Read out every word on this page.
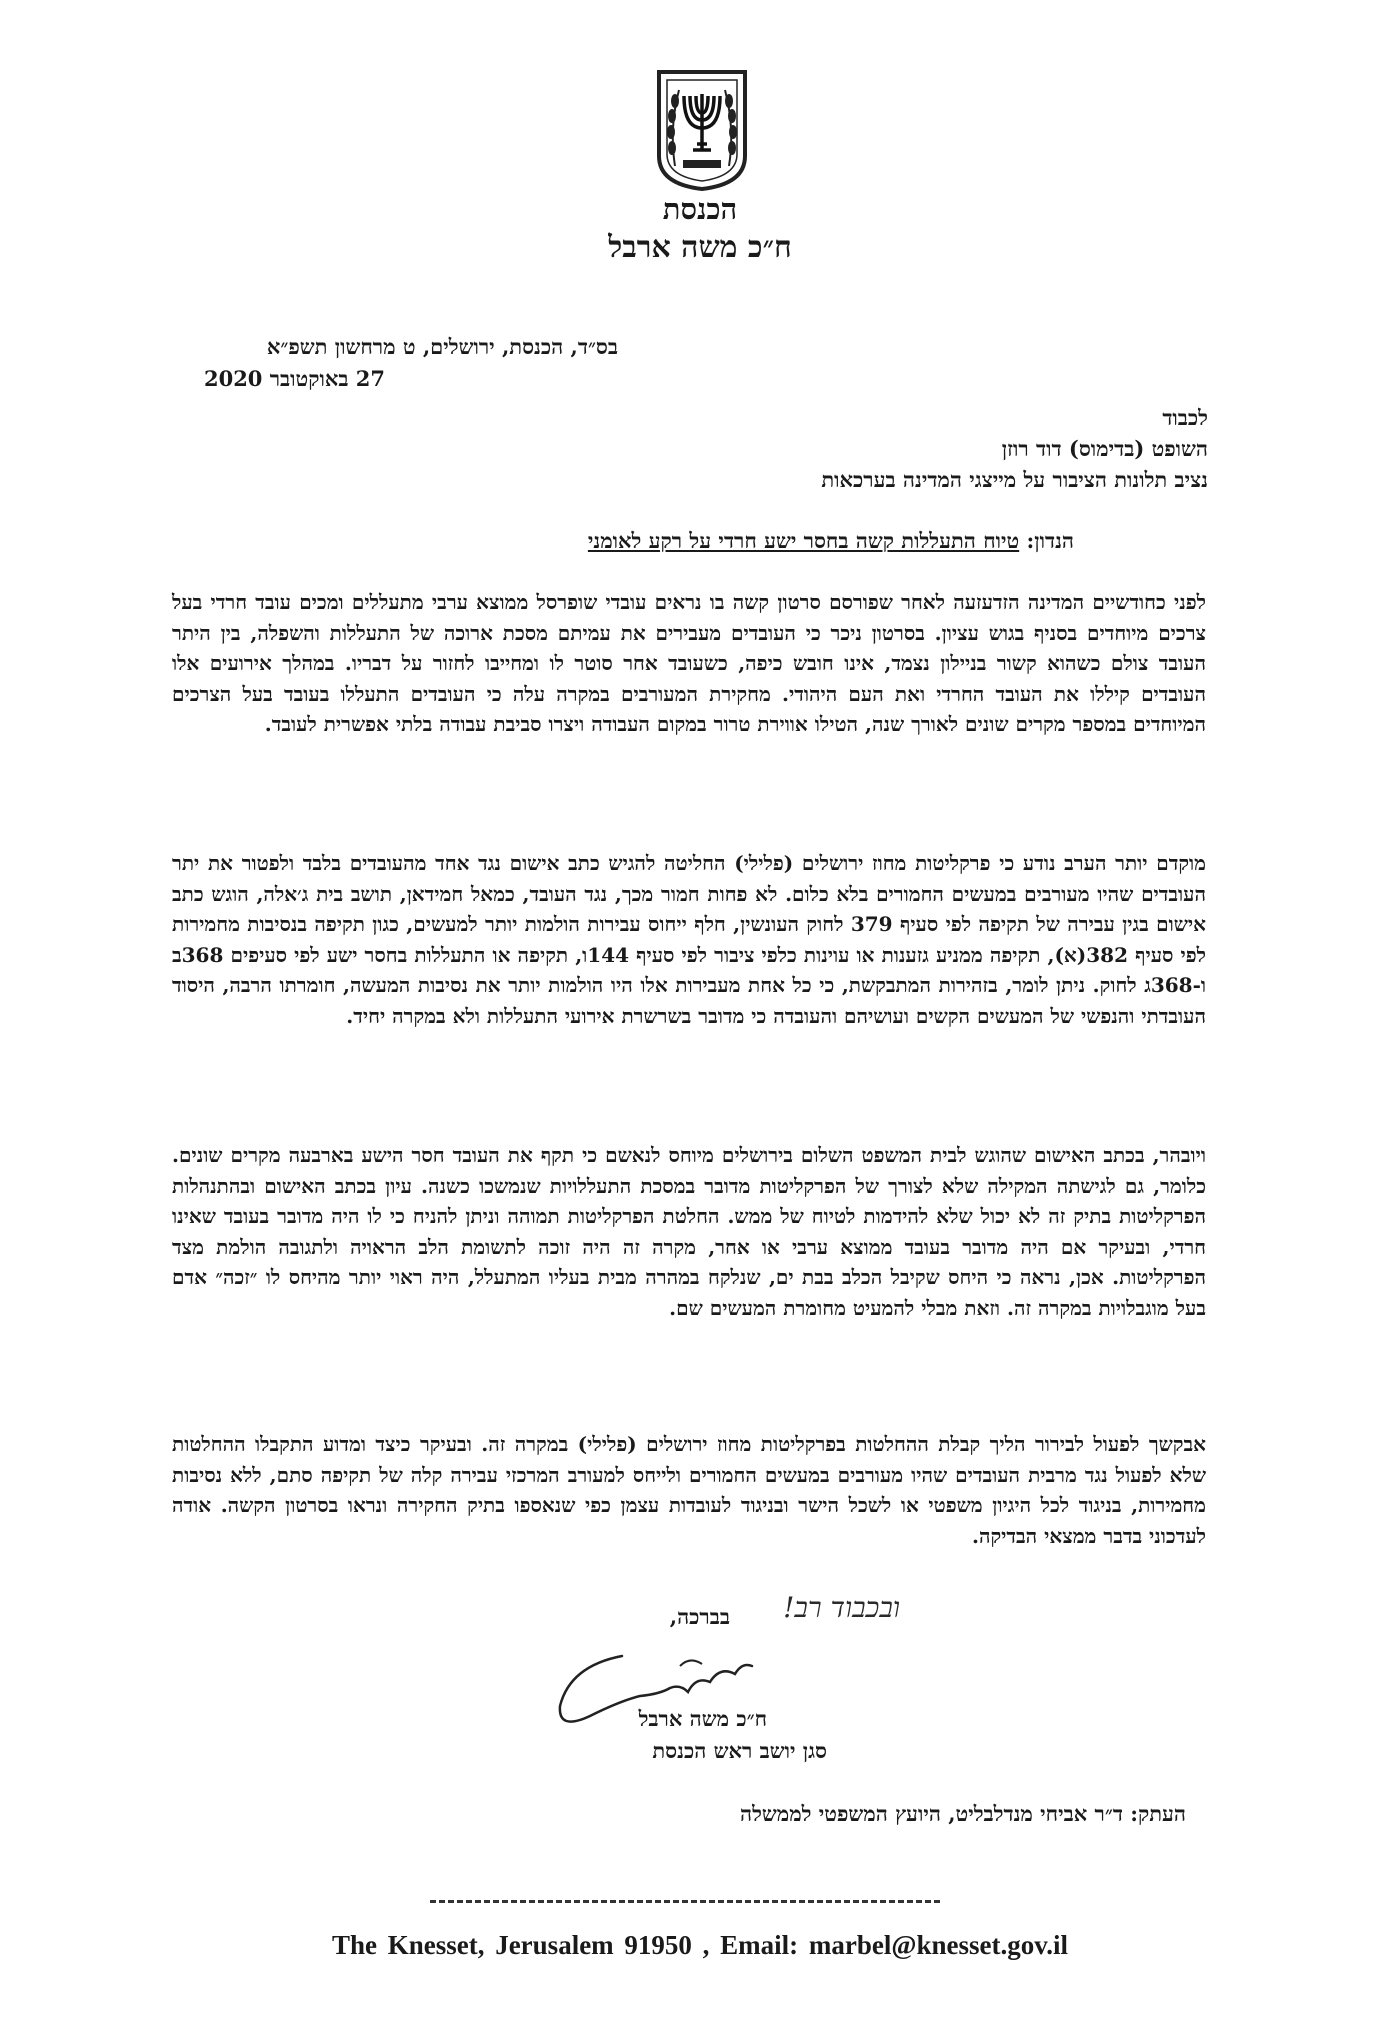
הכנסת
ח״כ משה ארבל
בס״ד, הכנסת, ירושלים, ט מרחשון תשפ״א
27 באוקטובר 2020
לכבוד
השופט (בדימוס) דוד רוזן
נציב תלונות הציבור על מייצגי המדינה בערכאות
הנדון: טיוח התעללות קשה בחסר ישע חרדי על רקע לאומני
לפני כחודשיים המדינה הזדעזעה לאחר שפורסם סרטון קשה בו נראים עובדי שופרסל ממוצא ערבי מתעללים ומכים עובד חרדי בעל צרכים מיוחדים בסניף בגוש עציון. בסרטון ניכר כי העובדים מעבירים את עמיתם מסכת ארוכה של התעללות והשפלה, בין היתר העובד צולם כשהוא קשור בניילון נצמד, אינו חובש כיפה, כשעובד אחר סוטר לו ומחייבו לחזור על דבריו. במהלך אירועים אלו העובדים קיללו את העובד החרדי ואת העם היהודי. מחקירת המעורבים במקרה עלה כי העובדים התעללו בעובד בעל הצרכים המיוחדים במספר מקרים שונים לאורך שנה, הטילו אווירת טרור במקום העבודה ויצרו סביבת עבודה בלתי אפשרית לעובד.
מוקדם יותר הערב נודע כי פרקליטות מחוז ירושלים (פלילי) החליטה להגיש כתב אישום נגד אחד מהעובדים בלבד ולפטור את יתר העובדים שהיו מעורבים במעשים החמורים בלא כלום. לא פחות חמור מכך, נגד העובד, כמאל חמידאן, תושב בית ג׳אלה, הוגש כתב אישום בגין עבירה של תקיפה לפי סעיף 379 לחוק העונשין, חלף ייחוס עבירות הולמות יותר למעשים, כגון תקיפה בנסיבות מחמירות לפי סעיף 382(א), תקיפה ממניע גזענות או עוינות כלפי ציבור לפי סעיף 144ו, תקיפה או התעללות בחסר ישע לפי סעיפים 368ב ו-368ג לחוק. ניתן לומר, בזהירות המתבקשת, כי כל אחת מעבירות אלו היו הולמות יותר את נסיבות המעשה, חומרתו הרבה, היסוד העובדתי והנפשי של המעשים הקשים ועושיהם והעובדה כי מדובר בשרשרת אירועי התעללות ולא במקרה יחיד.
ויובהר, בכתב האישום שהוגש לבית המשפט השלום בירושלים מיוחס לנאשם כי תקף את העובד חסר הישע בארבעה מקרים שונים. כלומר, גם לגישתה המקילה שלא לצורך של הפרקליטות מדובר במסכת התעללויות שנמשכו כשנה. עיון בכתב האישום ובהתנהלות הפרקליטות בתיק זה לא יכול שלא להידמות לטיוח של ממש. החלטת הפרקליטות תמוהה וניתן להניח כי לו היה מדובר בעובד שאינו חרדי, ובעיקר אם היה מדובר בעובד ממוצא ערבי או אחר, מקרה זה היה זוכה לתשומת הלב הראויה ולתגובה הולמת מצד הפרקליטות. אכן, נראה כי היחס שקיבל הכלב בבת ים, שנלקח במהרה מבית בעליו המתעלל, היה ראוי יותר מהיחס לו ״זכה״ אדם בעל מוגבלויות במקרה זה. וזאת מבלי להמעיט מחומרת המעשים שם.
אבקשך לפעול לבירור הליך קבלת ההחלטות בפרקליטות מחוז ירושלים (פלילי) במקרה זה. ובעיקר כיצד ומדוע התקבלו ההחלטות שלא לפעול נגד מרבית העובדים שהיו מעורבים במעשים החמורים ולייחס למעורב המרכזי עבירה קלה של תקיפה סתם, ללא נסיבות מחמירות, בניגוד לכל היגיון משפטי או לשכל הישר ובניגוד לעובדות עצמן כפי שנאספו בתיק החקירה ונראו בסרטון הקשה. אודה לעדכוני בדבר ממצאי הבדיקה.
בברכה, ובכבוד רב!
ח״כ משה ארבל
סגן יושב ראש הכנסת
העתק: ד״ר אביחי מנדלבליט, היועץ המשפטי לממשלה
The Knesset, Jerusalem 91950 , Email: marbel@knesset.gov.il
